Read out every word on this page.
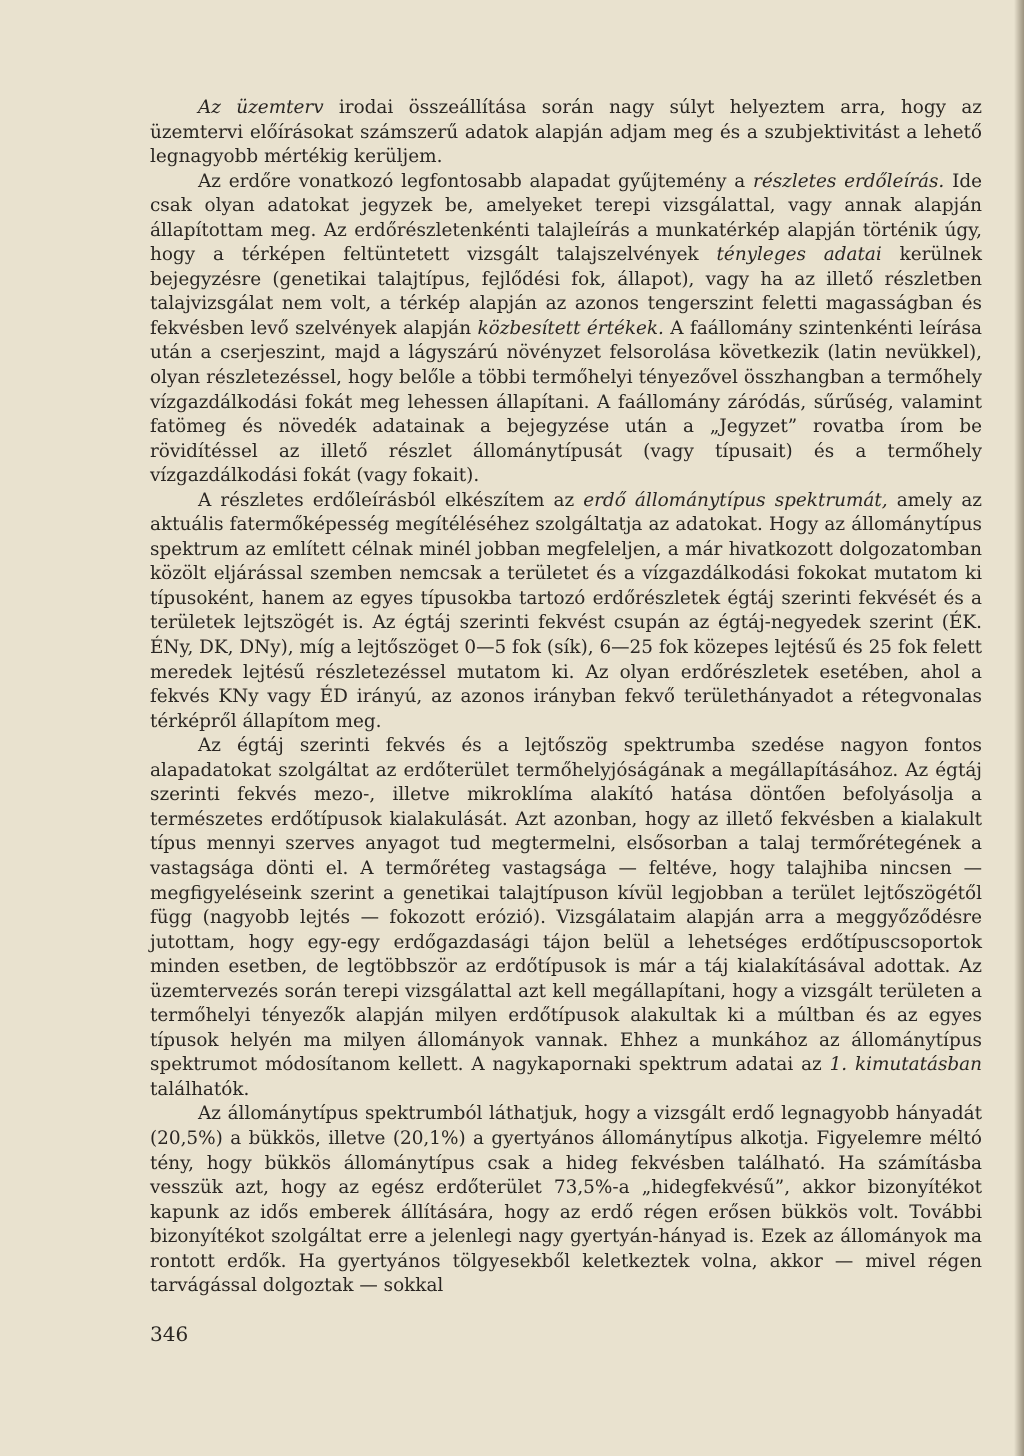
Az üzemterv irodai összeállítása során nagy súlyt helyeztem arra, hogy az üzemtervi előírásokat számszerű adatok alapján adjam meg és a szubjektivitást a lehető legnagyobb mértékig kerüljem.

Az erdőre vonatkozó legfontosabb alapadat gyűjtemény a részletes erdőleírás. Ide csak olyan adatokat jegyzek be, amelyeket terepi vizsgálattal, vagy annak alapján állapítottam meg. Az erdőrészletenkénti talajleírás a munkatérkép alapján történik úgy, hogy a térképen feltüntetett vizsgált talajszelvények tényleges adatai kerülnek bejegyzésre (genetikai talajtípus, fejlődési fok, állapot), vagy ha az illető részletben talajvizsgálat nem volt, a térkép alapján az azonos tengerszint feletti magasságban és fekvésben levő szelvények alapján közbesített értékek. A faállomány szintenkénti leírása után a cserjeszint, majd a lágyszárú növényzet felsorolása következik (latin nevükkel), olyan részletezéssel, hogy belőle a többi termőhelyi tényezővel összhangban a termőhely vízgazdálkodási fokát meg lehessen állapítani. A faállomány záródás, sűrűség, valamint fatömeg és növedék adatainak a bejegyzése után a „Jegyzet” rovatba írom be rövidítéssel az illető részlet állománytípusát (vagy típusait) és a termőhely vízgazdálkodási fokát (vagy fokait).

A részletes erdőleírásból elkészítem az erdő állománytípus spektrumát, amely az aktuális fatermőképesség megítéléséhez szolgáltatja az adatokat. Hogy az állománytípus spektrum az említett célnak minél jobban megfeleljen, a már hivatkozott dolgozatomban közölt eljárással szemben nemcsak a területet és a vízgazdálkodási fokokat mutatom ki típusoként, hanem az egyes típusokba tartozó erdőrészletek égtáj szerinti fekvését és a területek lejtszögét is. Az égtáj szerinti fekvést csupán az égtáj-negyedek szerint (ÉK. ÉNy, DK, DNy), míg a lejtőszöget 0—5 fok (sík), 6—25 fok közepes lejtésű és 25 fok felett meredek lejtésű részletezéssel mutatom ki. Az olyan erdőrészletek esetében, ahol a fekvés KNy vagy ÉD irányú, az azonos irányban fekvő területhányadot a rétegvonalas térképről állapítom meg.

Az égtáj szerinti fekvés és a lejtőszög spektrumba szedése nagyon fontos alapadatokat szolgáltat az erdőterület termőhelyjóságának a megállapításához. Az égtáj szerinti fekvés mezo-, illetve mikroklíma alakító hatása döntően befolyásolja a természetes erdőtípusok kialakulását. Azt azonban, hogy az illető fekvésben a kialakult típus mennyi szerves anyagot tud megtermelni, elsősorban a talaj termőrétegének a vastagsága dönti el. A termőréteg vastagsága — feltéve, hogy talajhiba nincsen — megfigyeléseink szerint a genetikai talajtípuson kívül legjobban a terület lejtőszögétől függ (nagyobb lejtés — fokozott erózió). Vizsgálataim alapján arra a meggyőződésre jutottam, hogy egy-egy erdőgazdasági tájon belül a lehetséges erdőtípuscsoportok minden esetben, de legtöbbször az erdőtípusok is már a táj kialakításával adottak. Az üzemtervezés során terepi vizsgálattal azt kell megállapítani, hogy a vizsgált területen a termőhelyi tényezők alapján milyen erdőtípusok alakultak ki a múltban és az egyes típusok helyén ma milyen állományok vannak. Ehhez a munkához az állománytípus spektrumot módosítanom kellett. A nagykapornaki spektrum adatai az 1. kimutatásban találhatók.

Az állománytípus spektrumból láthatjuk, hogy a vizsgált erdő legnagyobb hányadát (20,5%) a bükkös, illetve (20,1%) a gyertyános állománytípus alkotja. Figyelemre méltó tény, hogy bükkös állománytípus csak a hideg fekvésben található. Ha számításba vesszük azt, hogy az egész erdőterület 73,5%-a „hidegfekvésű”, akkor bizonyítékot kapunk az idős emberek állítására, hogy az erdő régen erősen bükkös volt. További bizonyítékot szolgáltat erre a jelenlegi nagy gyertyán-hányad is. Ezek az állományok ma rontott erdők. Ha gyertyános tölgyesekből keletkeztek volna, akkor — mivel régen tarvágással dolgoztak — sokkal

346
